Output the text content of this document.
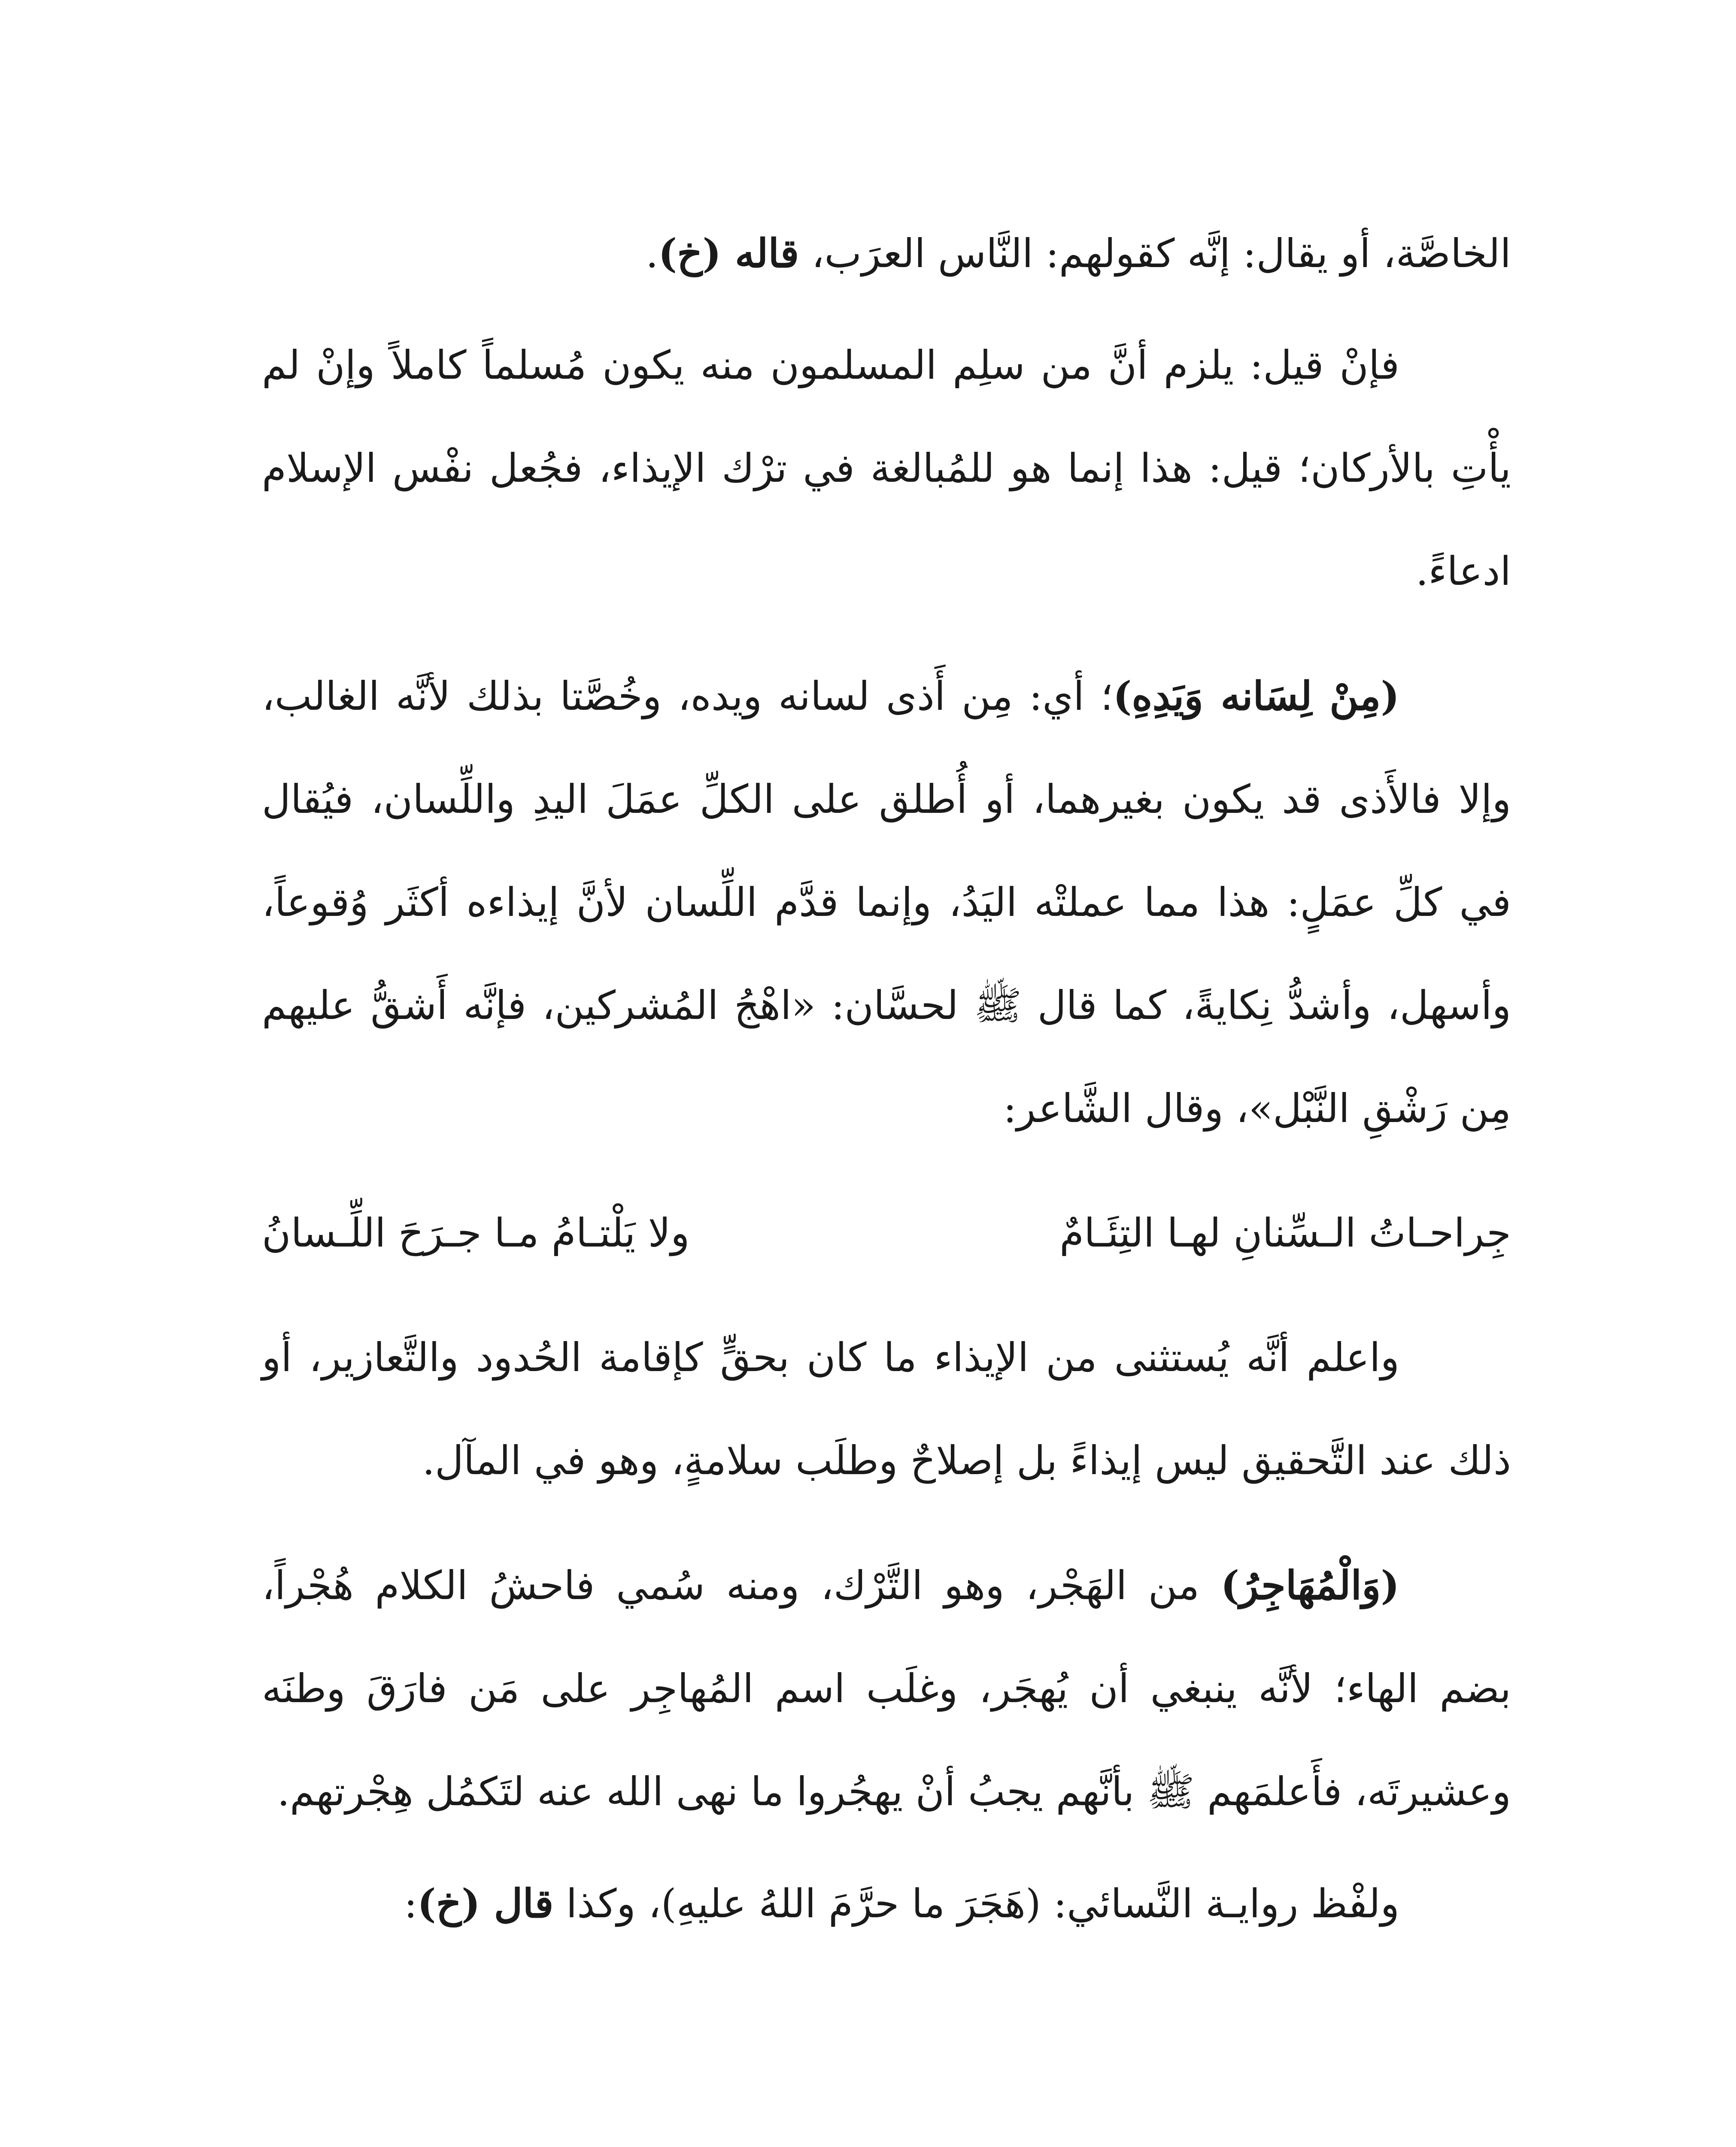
الخاصَّة، أو يقال: إنَّه كقولهم: النَّاس العرَب، قاله (خ).

فإنْ قيل: يلزم أنَّ من سلِم المسلمون منه يكون مُسلماً كاملاً وإنْ لم يأْتِ بالأركان؛ قيل: هذا إنما هو للمُبالغة في ترْك الإيذاء، فجُعل نفْس الإسلام ادعاءً.

(مِنْ لِسَانه وَيَدِهِ)؛ أي: مِن أَذى لسانه ويده، وخُصَّتا بذلك لأنَّه الغالب، وإلا فالأَذى قد يكون بغيرهما، أو أُطلق على الكلِّ عمَلَ اليدِ واللِّسان، فيُقال في كلِّ عمَلٍ: هذا مما عملتْه اليَدُ، وإنما قدَّم اللِّسان لأنَّ إيذاءه أكثَر وُقوعاً، وأسهل، وأشدُّ نِكايةً، كما قال ﷺ لحسَّان: «اهْجُ المُشركين، فإنَّه أَشقُّ عليهم مِن رَشْقِ النَّبْل»، وقال الشَّاعر:

جِراحـاتُ الـسِّنانِ لهـا التِئَـامٌ
ولا يَلْتـامُ مـا جـرَحَ اللِّـسانُ

واعلم أنَّه يُستثنى من الإيذاء ما كان بحقٍّ كإقامة الحُدود والتَّعازير، أو ذلك عند التَّحقيق ليس إيذاءً بل إصلاحٌ وطلَب سلامةٍ، وهو في المآل.

(وَالْمُهَاجِرُ) من الهَجْر، وهو التَّرْك، ومنه سُمي فاحشُ الكلام هُجْراً، بضم الهاء؛ لأنَّه ينبغي أن يُهجَر، وغلَب اسم المُهاجِر على مَن فارَقَ وطنَه وعشيرتَه، فأَعلمَهم ﷺ بأنَّهم يجبُ أنْ يهجُروا ما نهى الله عنه لتَكمُل هِجْرتهم.

ولفْظ روايـة النَّسائي: (هَجَرَ ما حرَّمَ اللهُ عليهِ)، وكذا قال (خ):
